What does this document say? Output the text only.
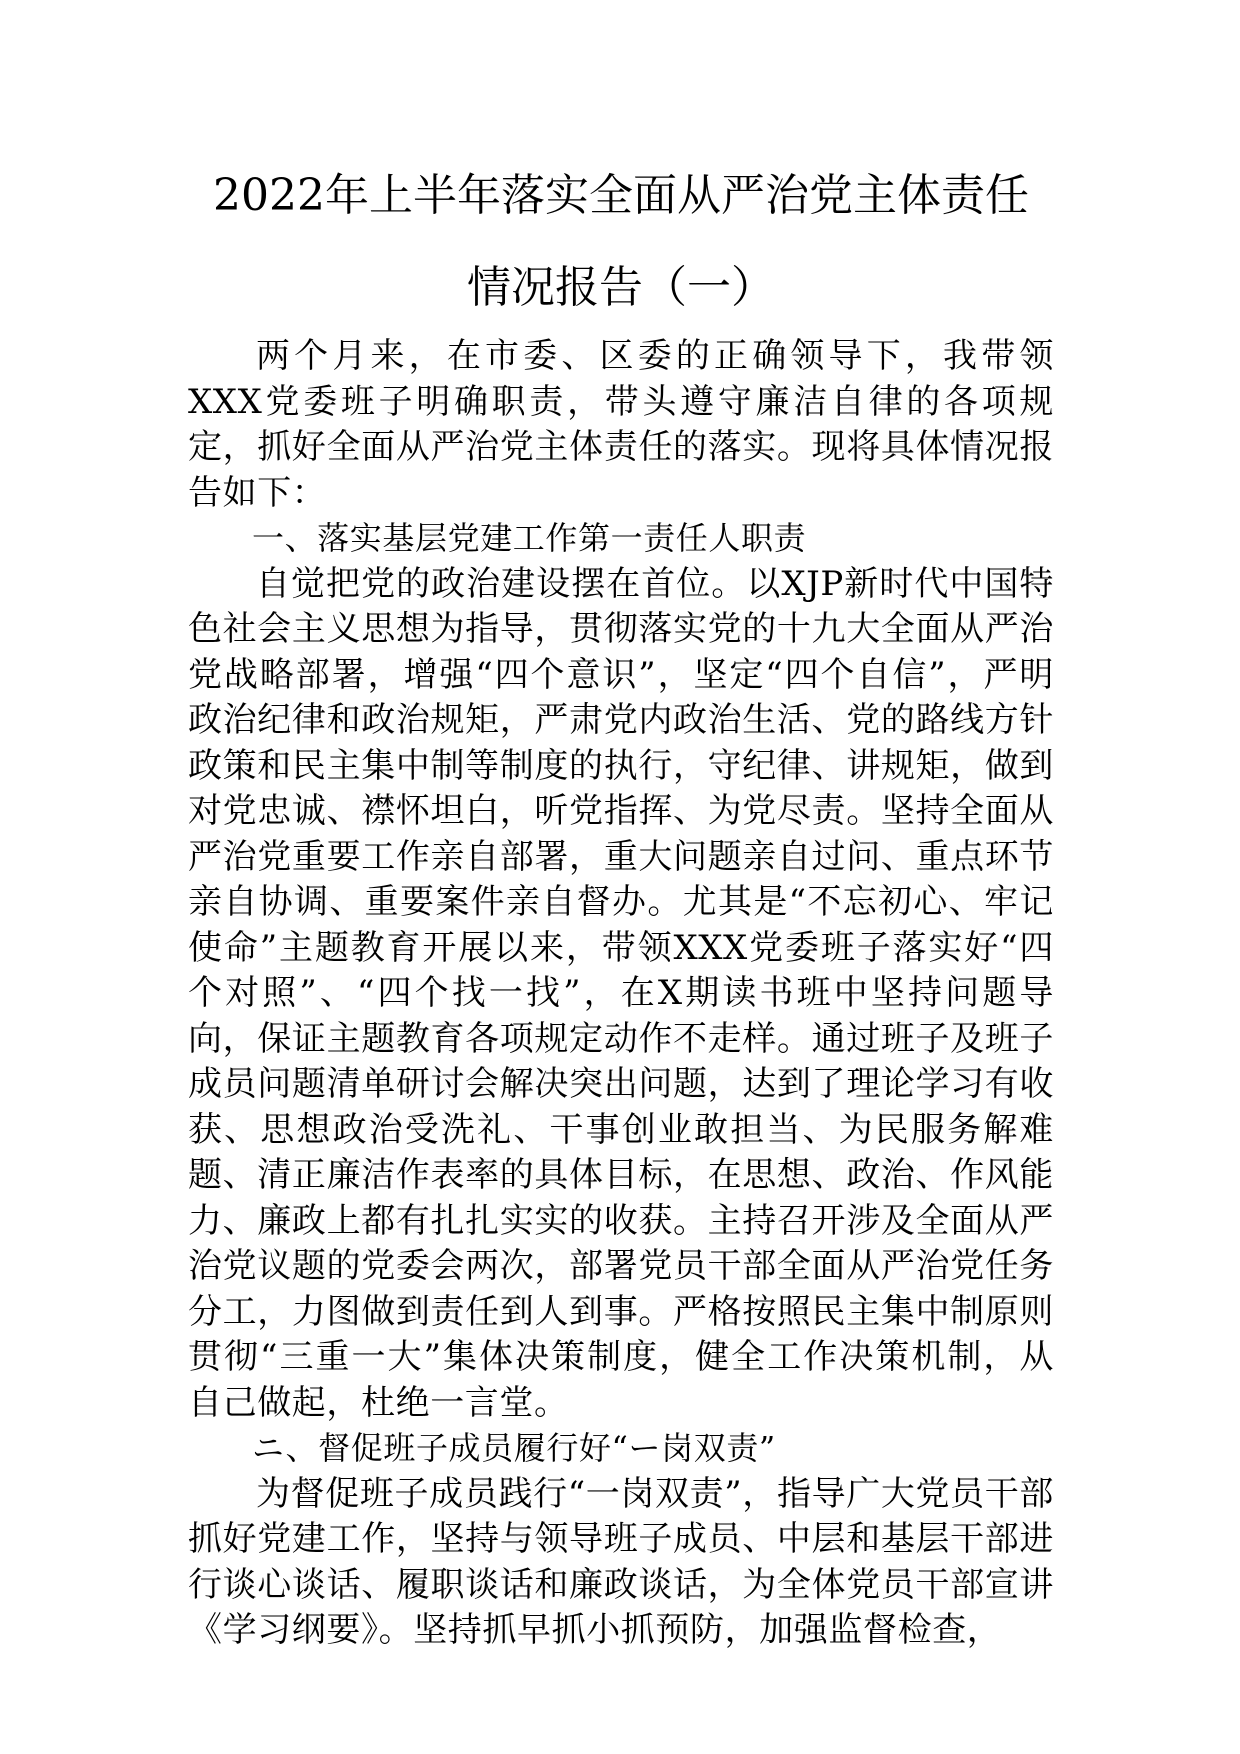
2022年上半年落实全面从严治党主体责任
情况报告（一）

两个月来，在市委、区委的正确领导下，我带领XXX党委班子明确职责，带头遵守廉洁自律的各项规定，抓好全面从严治党主体责任的落实。现将具体情况报告如下：

一、落实基层党建工作第一责任人职责

自觉把党的政治建设摆在首位。以XJP新时代中国特色社会主义思想为指导，贯彻落实党的十九大全面从严治党战略部署，增强“四个意识”，坚定“四个自信”，严明政治纪律和政治规矩，严肃党内政治生活、党的路线方针政策和民主集中制等制度的执行，守纪律、讲规矩，做到对党忠诚、襟怀坦白，听党指挥、为党尽责。坚持全面从严治党重要工作亲自部署，重大问题亲自过问、重点环节亲自协调、重要案件亲自督办。尤其是“不忘初心、牢记使命”主题教育开展以来，带领XXX党委班子落实好“四个对照”、“四个找一找”，在X期读书班中坚持问题导向，保证主题教育各项规定动作不走样。通过班子及班子成员问题清单研讨会解决突出问题，达到了理论学习有收获、思想政治受洗礼、干事创业敢担当、为民服务解难题、清正廉洁作表率的具体目标，在思想、政治、作风能力、廉政上都有扎扎实实的收获。主持召开涉及全面从严治党议题的党委会两次，部署党员干部全面从严治党任务分工，力图做到责任到人到事。严格按照民主集中制原则贯彻“三重一大”集体决策制度，健全工作决策机制，从自己做起，杜绝一言堂。

ニ、督促班子成员履行好“ー岗双责”

为督促班子成员践行“一岗双责”，指导广大党员干部抓好党建工作，坚持与领导班子成员、中层和基层干部进行谈心谈话、履职谈话和廉政谈话，为全体党员干部宣讲《学习纲要》。坚持抓早抓小抓预防，加强监督检查，
